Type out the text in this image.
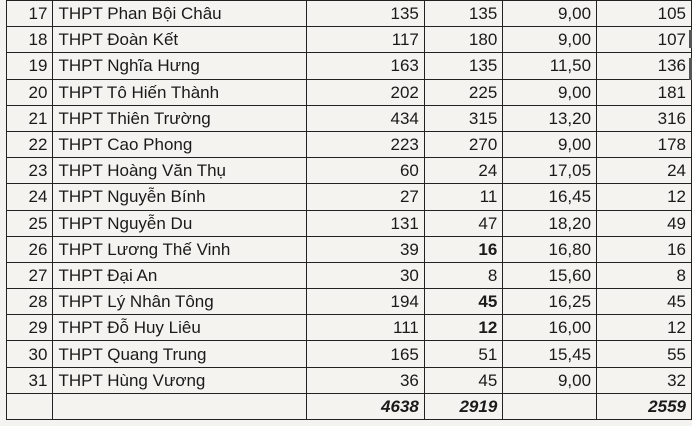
17	THPT Phan Bội Châu	135	135	9,00	105
18	THPT Đoàn Kết	117	180	9,00	107
19	THPT Nghĩa Hưng	163	135	11,50	136
20	THPT Tô Hiến Thành	202	225	9,00	181
21	THPT Thiên Trường	434	315	13,20	316
22	THPT Cao Phong	223	270	9,00	178
23	THPT Hoàng Văn Thụ	60	24	17,05	24
24	THPT Nguyễn Bính	27	11	16,45	12
25	THPT Nguyễn Du	131	47	18,20	49
26	THPT Lương Thế Vinh	39	16	16,80	16
27	THPT Đại An	30	8	15,60	8
28	THPT Lý Nhân Tông	194	45	16,25	45
29	THPT Đỗ Huy Liêu	111	12	16,00	12
30	THPT Quang Trung	165	51	15,45	55
31	THPT Hùng Vương	36	45	9,00	32
		4638	2919		2559
